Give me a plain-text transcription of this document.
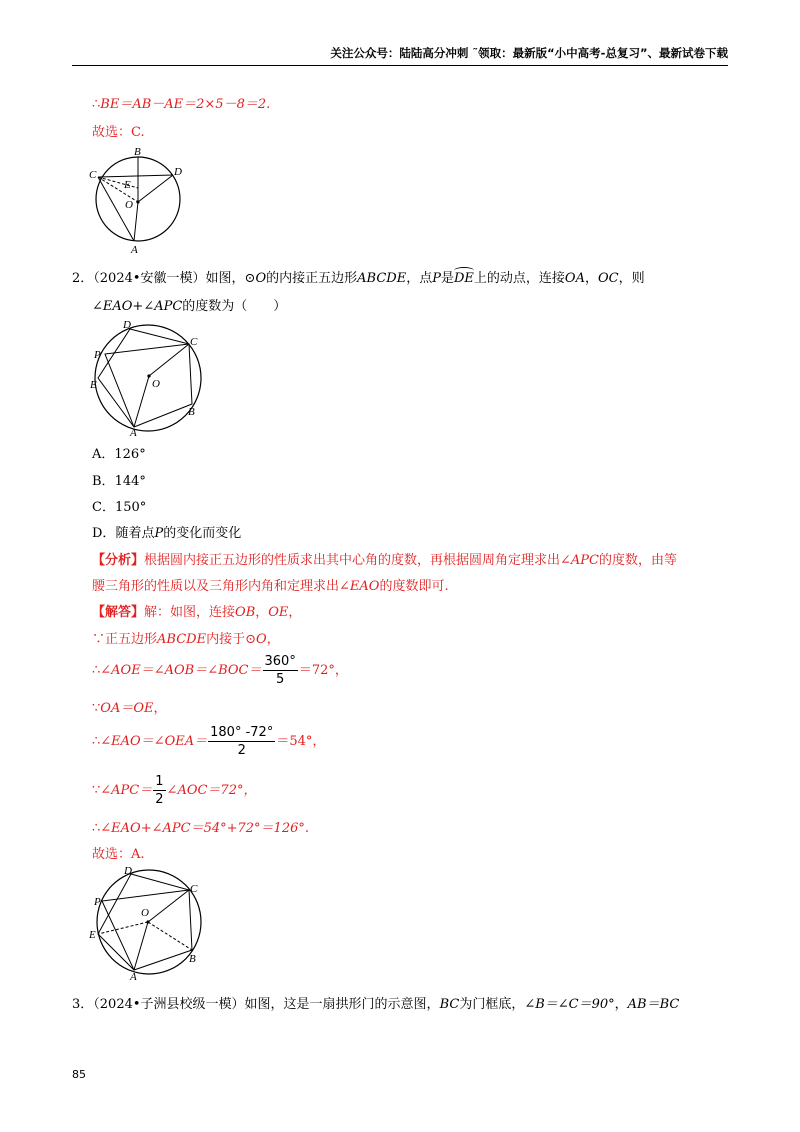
关注公众号：陆陆高分冲刺 ˜领取：最新版“小中高考-总复习”、最新试卷下载
∴BE＝AB－AE＝2×5－8＝2.
故选：C.
B
C	D
E
O
A
2．（2024•安徽一模）如图，⊙O的内接正五边形ABCDE，点P是DE上的动点，连接OA，OC，则
∠EAO+∠APC的度数为（　　）
D
C
P
E	O
B
A
A．126°
B．144°
C．150°
D．随着点P的变化而变化
【分析】根据圆内接正五边形的性质求出其中心角的度数，再根据圆周角定理求出∠APC的度数，由等
腰三角形的性质以及三角形内角和定理求出∠EAO的度数即可.
【解答】解：如图，连接OB，OE，
∵正五边形ABCDE内接于⊙O，
∴∠AOE＝∠AOB＝∠BOC＝ $\frac{360^\circ}{5} =72^\circ$，
∵OA＝OE，
∴∠EAO＝∠OEA＝ $\frac{180^\circ -72^\circ}{2} =54^\circ$，
∵∠APC＝ $\frac{1}{2}$ ∠AOC＝72°，
∴∠EAO+∠APC＝54°+72°＝126°.
故选：A.
D
C
P
O
E
B
A
3．（2024•子洲县校级一模）如图，这是一扇拱形门的示意图，BC为门框底，∠B＝∠C＝90°，AB＝BC
85
